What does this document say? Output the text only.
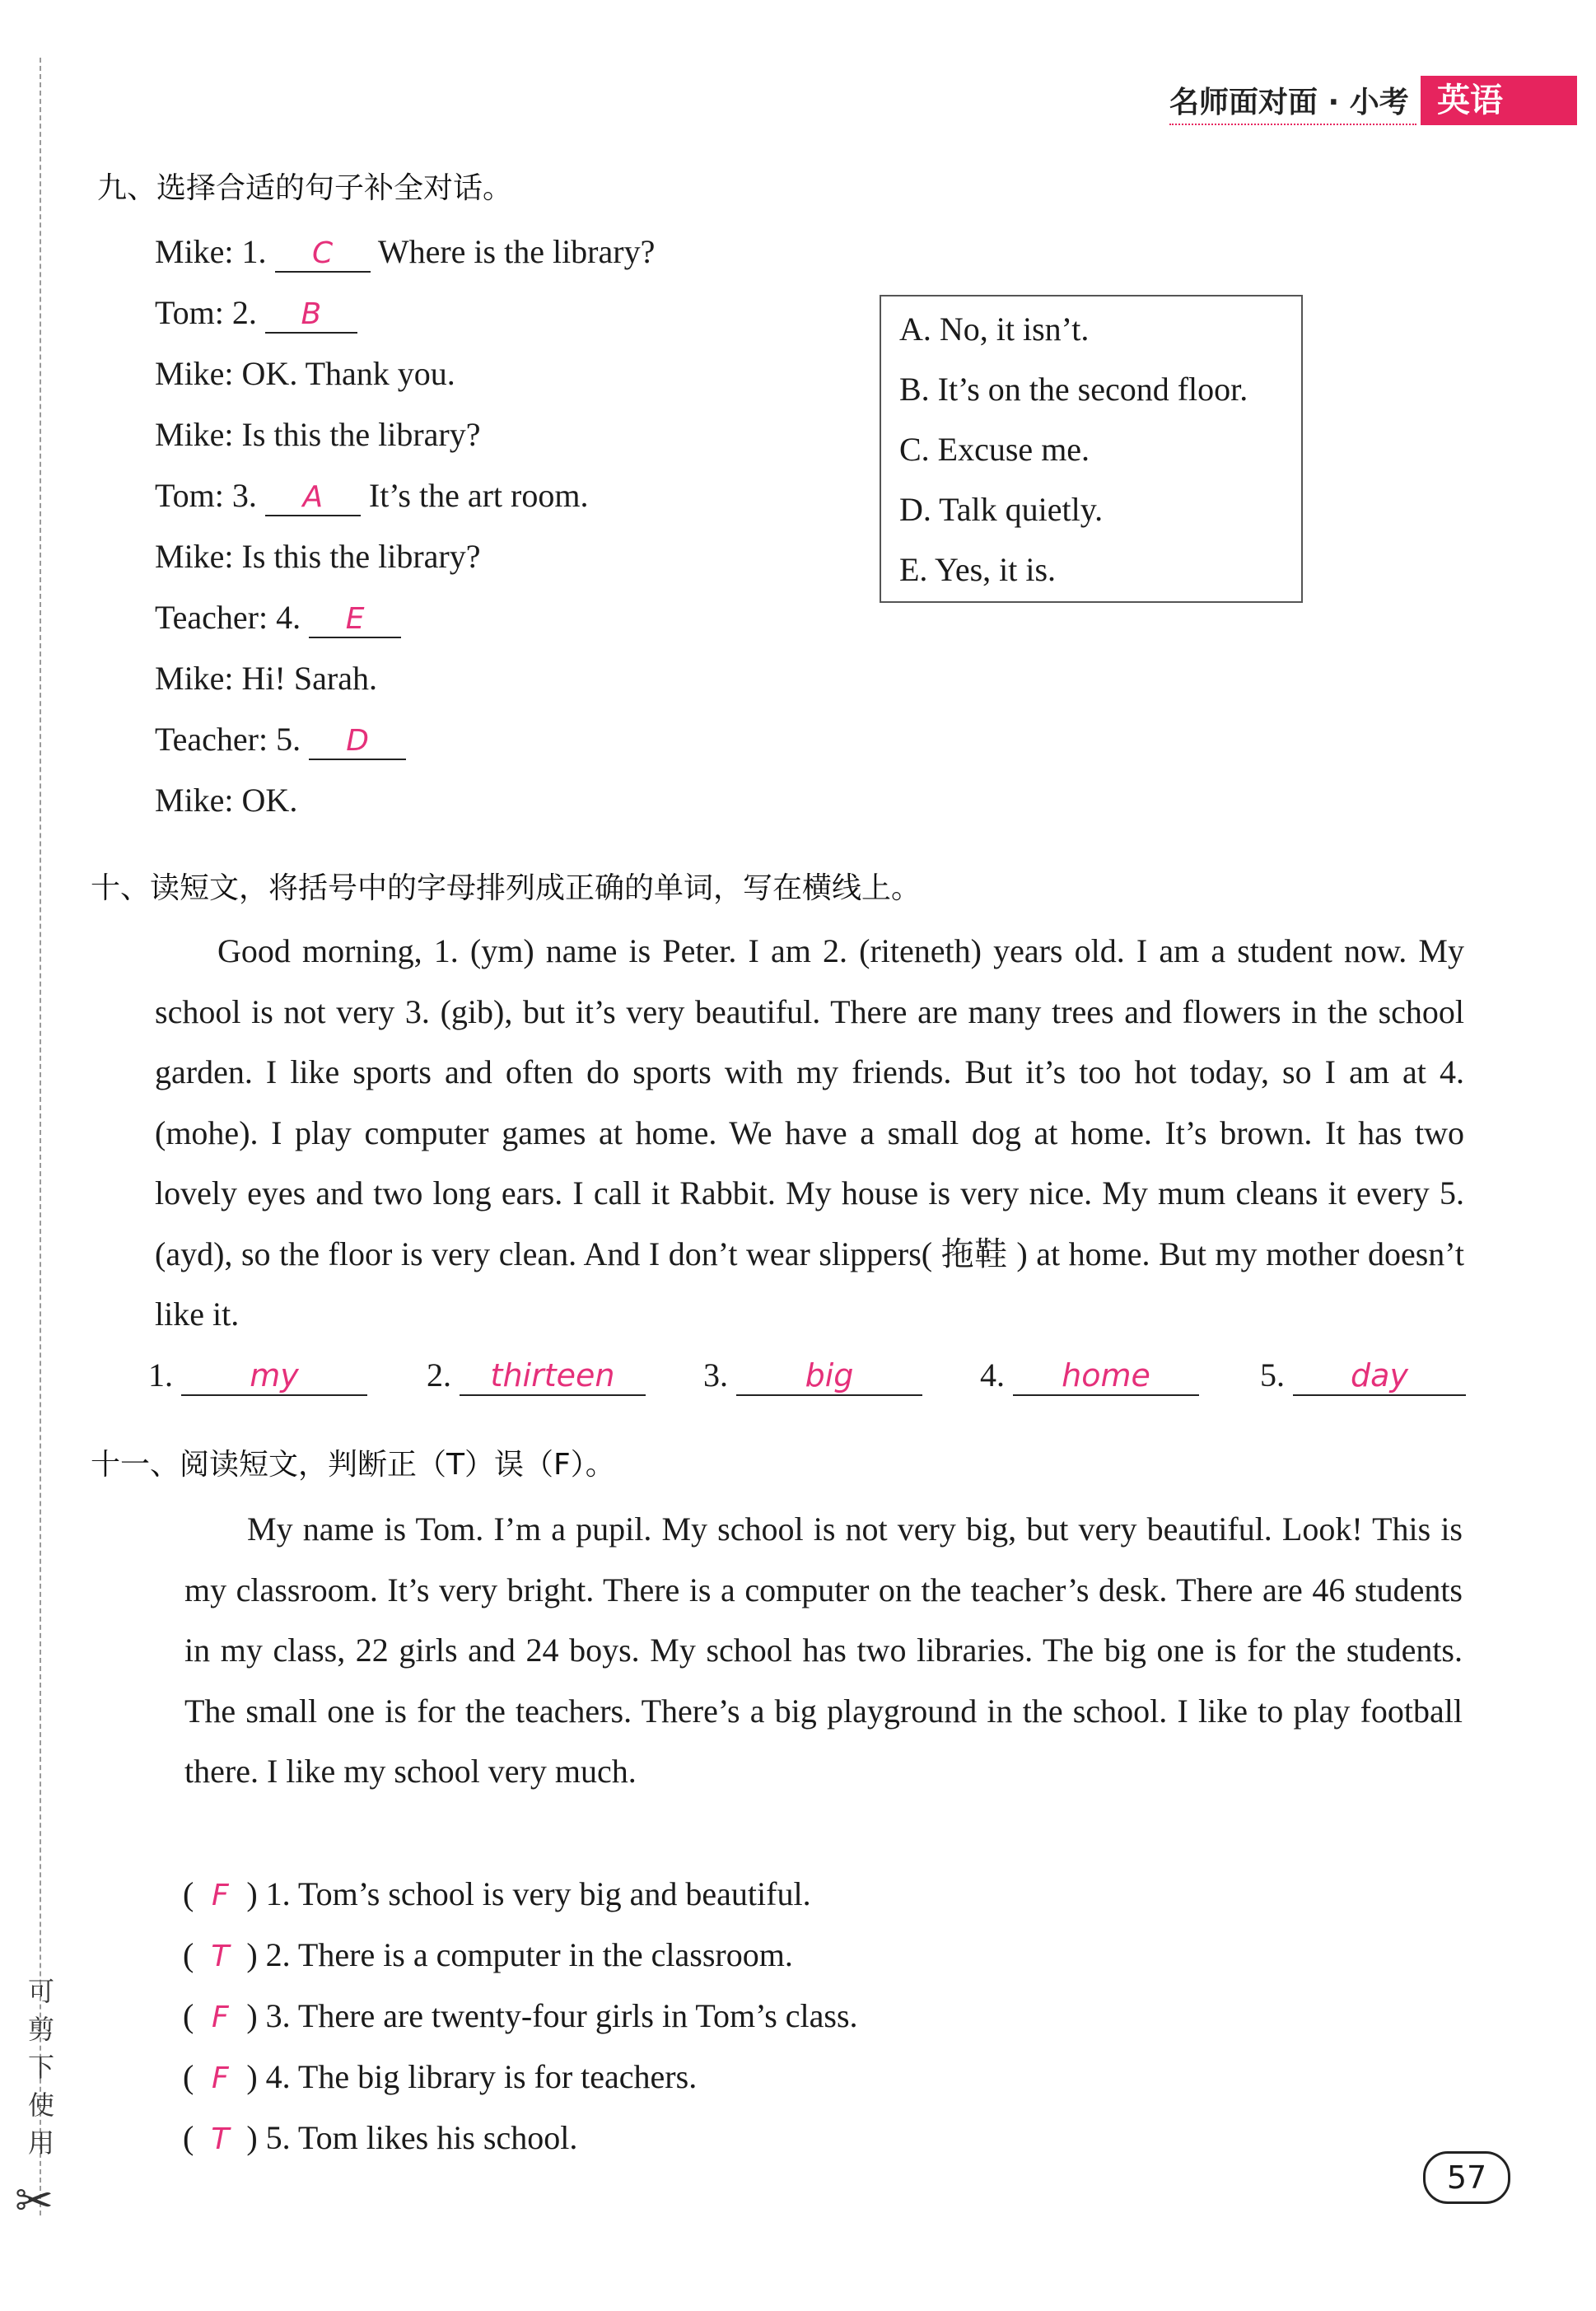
可
剪
下
使
用
✂
名师面对面 · 小考 英语
九、选择合适的句子补全对话。
Mike: 1. C Where is the library?
Tom: 2. B
Mike: OK. Thank you.
Mike: Is this the library?
Tom: 3. A It’s the art room.
Mike: Is this the library?
Teacher: 4. E
Mike: Hi! Sarah.
Teacher: 5. D
Mike: OK.
A. No, it isn’t.
B. It’s on the second floor.
C. Excuse me.
D. Talk quietly.
E. Yes, it is.
十、读短文，将括号中的字母排列成正确的单词，写在横线上。
Good morning, 1. (ym) name is Peter. I am 2. (riteneth) years old. I am a student now. My school is not very 3. (gib), but it’s very beautiful. There are many trees and flowers in the school garden. I like sports and often do sports with my friends. But it’s too hot today, so I am at 4. (mohe). I play computer games at home. We have a small dog at home. It’s brown. It has two lovely eyes and two long ears. I call it Rabbit. My house is very nice. My mum cleans it every 5. (ayd), so the floor is very clean. And I don’t wear slippers( 拖鞋 ) at home. But my mother doesn’t like it.
1. my	2. thirteen	3. big	4. home	5. day
十一、阅读短文，判断正（T）误（F）。
My name is Tom. I’m a pupil. My school is not very big, but very beautiful. Look! This is my classroom. It’s very bright. There is a computer on the teacher’s desk. There are 46 students in my class, 22 girls and 24 boys. My school has two libraries. The big one is for the students. The small one is for the teachers. There’s a big playground in the school. I like to play football there. I like my school very much.
( F ) 1. Tom’s school is very big and beautiful.
( T ) 2. There is a computer in the classroom.
( F ) 3. There are twenty-four girls in Tom’s class.
( F ) 4. The big library is for teachers.
( T ) 5. Tom likes his school.
57
